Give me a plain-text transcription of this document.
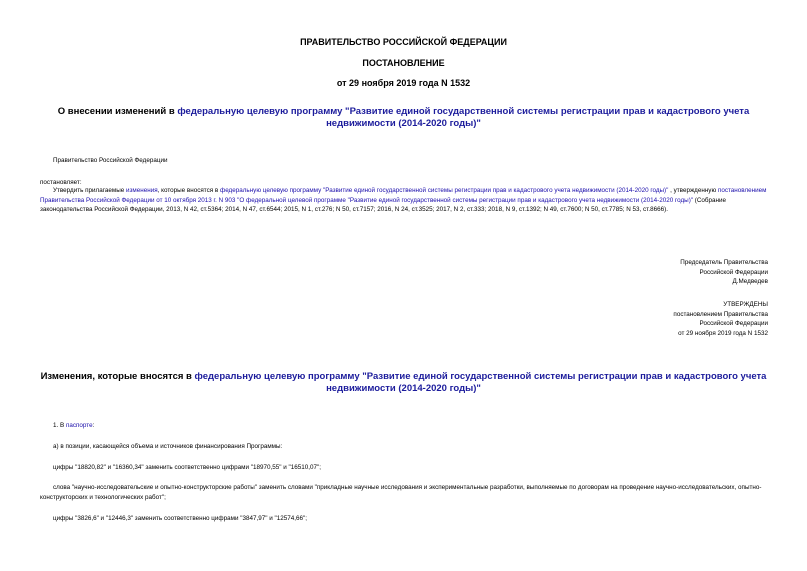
ПРАВИТЕЛЬСТВО РОССИЙСКОЙ ФЕДЕРАЦИИ
ПОСТАНОВЛЕНИЕ
от 29 ноября 2019 года N 1532
О внесении изменений в федеральную целевую программу "Развитие единой государственной системы регистрации прав и кадастрового учета недвижимости (2014-2020 годы)"
Правительство Российской Федерации
постановляет:
Утвердить прилагаемые изменения, которые вносятся в федеральную целевую программу "Развитие единой государственной системы регистрации прав и кадастрового учета недвижимости (2014-2020 годы)" , утвержденную постановлением Правительства Российской Федерации от 10 октября 2013 г. N 903 "О федеральной целевой программе "Развитие единой государственной системы регистрации прав и кадастрового учета недвижимости (2014-2020 годы)" (Собрание законодательства Российской Федерации, 2013, N 42, ст.5364; 2014, N 47, ст.6544; 2015, N 1, ст.276; N 50, ст.7157; 2016, N 24, ст.3525; 2017, N 2, ст.333; 2018, N 9, ст.1392; N 49, ст.7600; N 50, ст.7785; N 53, ст.8666).
Председатель Правительства
Российской Федерации
Д.Медведев
УТВЕРЖДЕНЫ
постановлением Правительства
Российской Федерации
от 29 ноября 2019 года N 1532
Изменения, которые вносятся в федеральную целевую программу "Развитие единой государственной системы регистрации прав и кадастрового учета недвижимости (2014-2020 годы)"
1. В паспорте:
а) в позиции, касающейся объема и источников финансирования Программы:
цифры "18820,82" и "16360,34" заменить соответственно цифрами "18970,55" и "16510,07";
слова "научно-исследовательские и опытно-конструкторские работы" заменить словами "прикладные научные исследования и экспериментальные разработки, выполняемые по договорам на проведение научно-исследовательских, опытно-конструкторских и технологических работ";
цифры "3826,6" и "12446,3" заменить соответственно цифрами "3847,97" и "12574,66";
